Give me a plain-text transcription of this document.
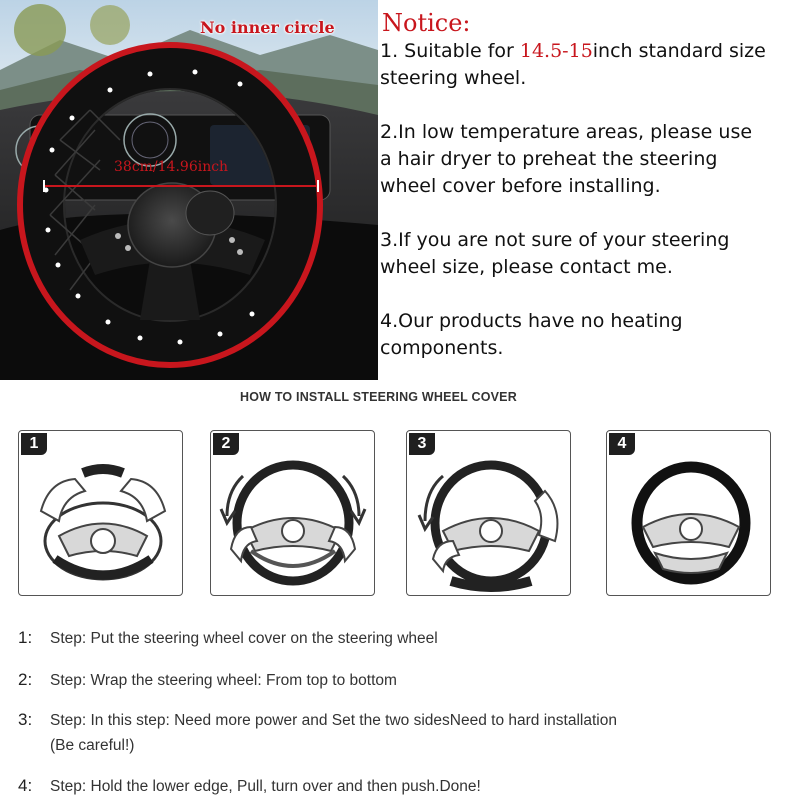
No inner circle
38cm/14.96inch
Notice:
1. Suitable for 14.5-15inch standard size
steering wheel.
2.In low temperature areas, please use
a hair dryer to preheat the steering
wheel cover before installing.
3.If you are not sure of your steering
wheel size, please contact me.
4.Our products have no heating
components.
HOW TO INSTALL STEERING WHEEL COVER
1	2	3	4
1: Step: Put the steering wheel cover on the steering wheel
2: Step: Wrap the steering wheel: From top to bottom
3: Step: In this step: Need more power and Set the two sidesNeed to hard installation
(Be careful!)
4: Step: Hold the lower edge, Pull, turn over and then push.Done!
